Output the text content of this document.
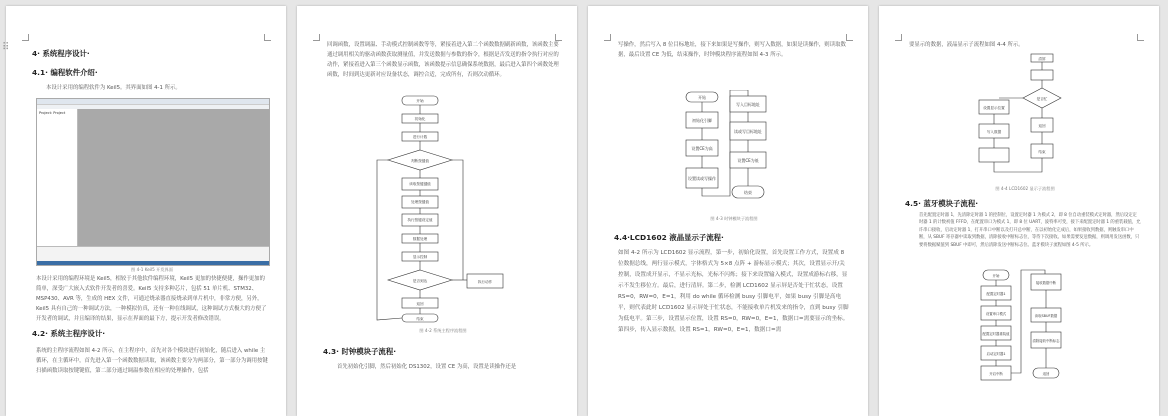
4· 系统程序设计·
4.1· 编程软件介绍·
本设计采用的编程软件为 Keil5。其界面如图 4-1 所示。
Project: Project
图 4-1 Keil5 开发界面
本设计采用的编程环境是 Keil5，相较于其他软件编程环境，Keil5 更加的快捷便捷，操作更加的简单，深受广大嵌入式软件开发者的喜爱。Keil5 支持多种芯片，包括 51 单片机、STM32、MSP430、AVR 等，生成的 HEX 文件，可通过烧录器直接烧录到单片机中，非常方便，另外，Keil5 具有自己的一种调试方法，一种模拟仿真，还有一种在线调试，这种调试方式极大的方便了开发者的调试，并且编译的结果，显示在界面的最下方，提示开发者修改错误。
4.2· 系统主程序设计·
系统的主程序流程如图 4-2 所示，在主程序中，首先对各个模块进行初始化，随后进入 while 主循环，在主循环中，首先进入第一个函数数据读取，该函数主要分为两部分，第一部分为调用按键扫描函数读取按键键值，第二部分通过调温参数在相应的处理操作，包括
⠿	回调函数，设置调温、手动模式控制函数等等，紧接着进入第二个函数数据刷新函数，该函数主要通过调用相关的驱动函数获取测量值，并发送数据与参数的指令，根据是否发送的指令执行对应的动作，紧接着进入第三个函数显示函数，该函数提示信息确保系统数据，最后进入第四个函数处理函数，时间到达更新对应设备状态，调控合适，完成所有，否则次动循环。
开始
初始化
进行计数
判断按键值
读取按键键值
处理按键值
执行按键设定值
数据处理
显示控制
是否到达	执行动作
返回
结束
图 4-2 系统主程序流程图
4.3· 时钟模块子流程·
首先初始化引脚，然后初始化 DS1302，设置 CE 为高，设置是读操作还是
写操作，然后写入 8 位目标地址，接下来如果是写操作，则写入数据，如果是读操作，则读取数据，最后设置 CE 为低，结束操作，时钟模块程序流程如图 4-3 所示。
开始
初始化引脚
设置CE为高
设置读或写操作
写入目标地址
读或写目标地址
设置CE为低
结束
图 4-3 时钟模块子流程图
4.4·LCD1602 液晶显示子流程·
如图 4-2 所示为 LCD1602 显示流程，第一步，初始化设置，首先设置工作方式，设置成 8 位数据总线，两行显示模式，字体格式为 5×8 点阵 + 游标显示模式；其次，设置显示开/关控制，设置成开显示，不显示光标，光标不闪烁；接下来设置输入模式，设置成游标右移，显示不发生移位方。最后，进行清屏。第二步，检测 LCD1602 显示屏是否处于忙状态，设置 RS=0，RW=0，E=1，利用 do while 循环检测 busy 引脚电平，如果 busy 引脚是高电平，则代表此时 LCD1602 显示屏处于忙状态，不能接收单片机发来的指令，直到 busy 引脚为低电平。第三步，设置显示位置，设置 RS=0，RW=0，E=1，数据口=需要显示的坐标。第四步，传入显示数据，设置 RS=1，RW=0，E=1，数据口=需
要显示的数据，液晶显示子流程如图 4-4 所示。
清屏
是否忙
设置显示位置
写入数据
返回
结束
图 4-4 LCD1602 显示子流程图
4.5· 蓝牙模块子流程·
首先配置定时器 1，先清除定时器 1 的控制位，设置定时器 1 为模式 2，即 8 位自动重装模式定时器，然后设定定时器 1 的计数初值 FFFD，在配置串口为模式 1，即 8 位 UART，波特率可变，接下来配置定时器 1 的重装载值，允许串口接收，启动定时器 1，打开串口中断以及打开总中断，在以初始化完成后，如果接收到数据，则触发串口中断，从 SBUF 寄存器中读取到数据，清除接收中断标志位，等待下次接收。如果需要发送数据，则调用发送函数，只要将数据赋值到 SBUF 中即可，然后清除发送中断标志位。蓝牙模块子流程如图 4-5 所示。
开始
配置定时器1
设置串口模式
配置定时器重装值
启动定时器1
开启中断
接收数据中断
读取SBUF数据
清除接收中断标志
返回
